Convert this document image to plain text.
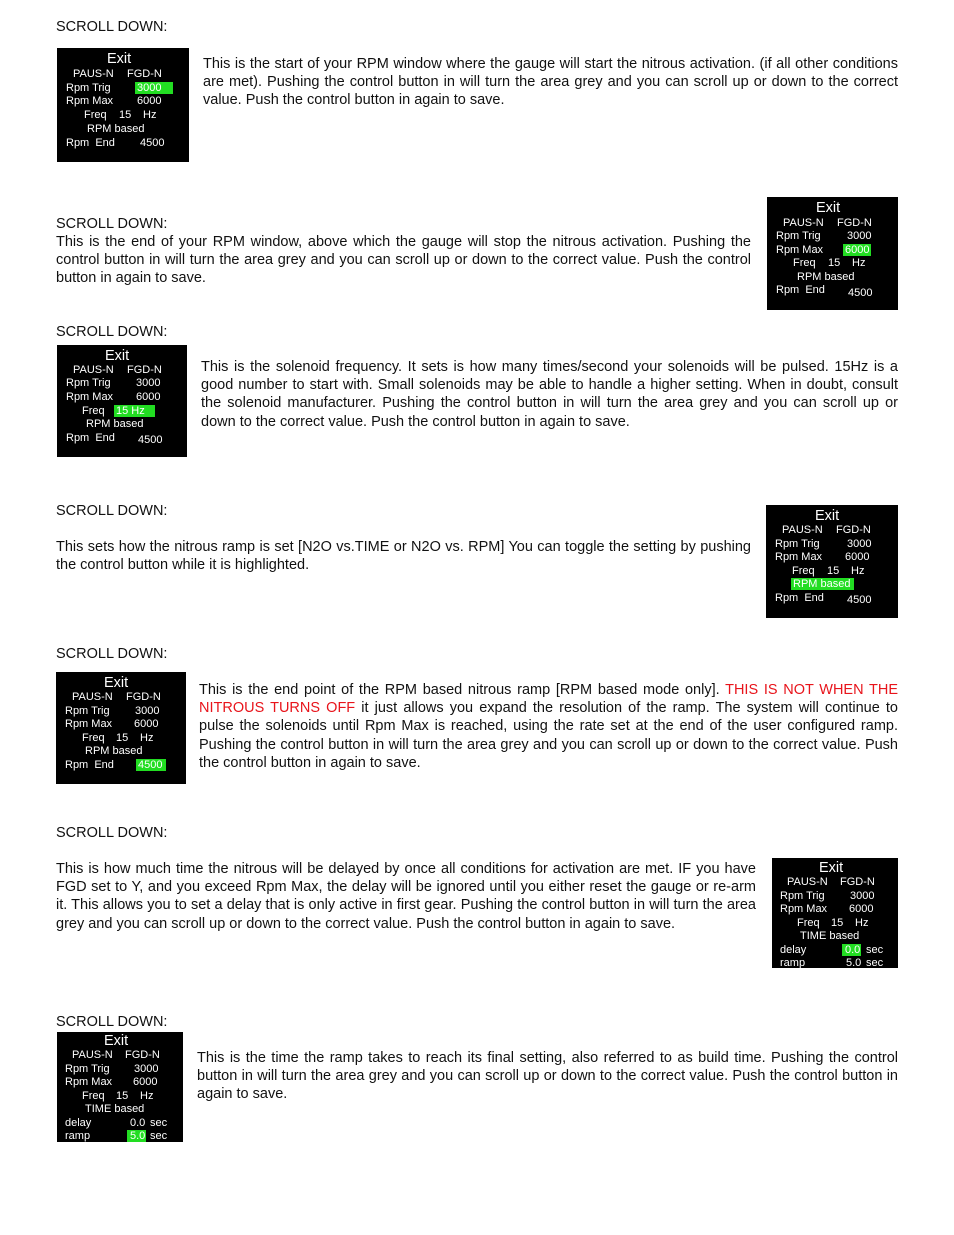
SCROLL DOWN:
Exit
PAUS-N FGD-N
Rpm Trig 3000
Rpm Max 6000
Freq 15 Hz
RPM based
Rpm  End 4500

This is the start of your RPM window where the gauge will start the nitrous activation. (if all other conditions are met). Pushing the control button in will turn the area grey and you can scroll up or down to the correct value. Push the control button in again to save.

SCROLL DOWN:

This is the end of your RPM window, above which the gauge will stop the nitrous activation. Pushing the control button in will turn the area grey and you can scroll up or down to the correct value. Push the control button in again to save.

Exit
PAUS-N FGD-N
Rpm Trig 3000
Rpm Max 6000
Freq 15 Hz
RPM based
Rpm  End 4500
SCROLL DOWN:
Exit
PAUS-N FGD-N
Rpm Trig 3000
Rpm Max 6000
Freq 15 Hz
RPM based
Rpm  End 4500

This is the solenoid frequency. It sets is how many times/second your solenoids will be pulsed. 15Hz is a good number to start with. Small solenoids may be able to handle a higher setting. When in doubt, consult the solenoid manufacturer. Pushing the control button in will turn the area grey and you can scroll up or down to the correct value. Push the control button in again to save.

SCROLL DOWN:

This sets how the nitrous ramp is set [N2O vs.TIME or N2O vs. RPM] You can toggle the setting by pushing the control button while it is highlighted.

Exit
PAUS-N FGD-N
Rpm Trig 3000
Rpm Max 6000
Freq 15 Hz
RPM based
Rpm  End 4500
SCROLL DOWN:
Exit
PAUS-N FGD-N
Rpm Trig 3000
Rpm Max 6000
Freq 15 Hz
RPM based
Rpm  End 4500

This is the end point of the RPM based nitrous ramp [RPM based mode only]. THIS IS NOT WHEN THE NITROUS TURNS OFF it just allows you expand the resolution of the ramp. The system will continue to pulse the solenoids until Rpm Max is reached, using the rate set at the end of the user configured ramp. Pushing the control button in will turn the area grey and you can scroll up or down to the correct value. Push the control button in again to save.

SCROLL DOWN:

This is how much time the nitrous will be delayed by once all conditions for activation are met. IF you have FGD set to Y, and you exceed Rpm Max, the delay will be ignored until you either reset the gauge or re-arm it. This allows you to set a delay that is only active in first gear. Pushing the control button in will turn the area grey and you can scroll up or down to the correct value. Push the control button in again to save.

Exit
PAUS-N FGD-N
Rpm Trig 3000
Rpm Max 6000
Freq 15 Hz
TIME based
delay	0.0 sec
ramp	5.0 sec
SCROLL DOWN:
Exit
PAUS-N FGD-N
Rpm Trig 3000
Rpm Max 6000
Freq 15 Hz
TIME based
delay	0.0 sec
ramp	5.0 sec

This is the time the ramp takes to reach its final setting, also referred to as build time. Pushing the control button in will turn the area grey and you can scroll up or down to the correct value. Push the control button in again to save.
